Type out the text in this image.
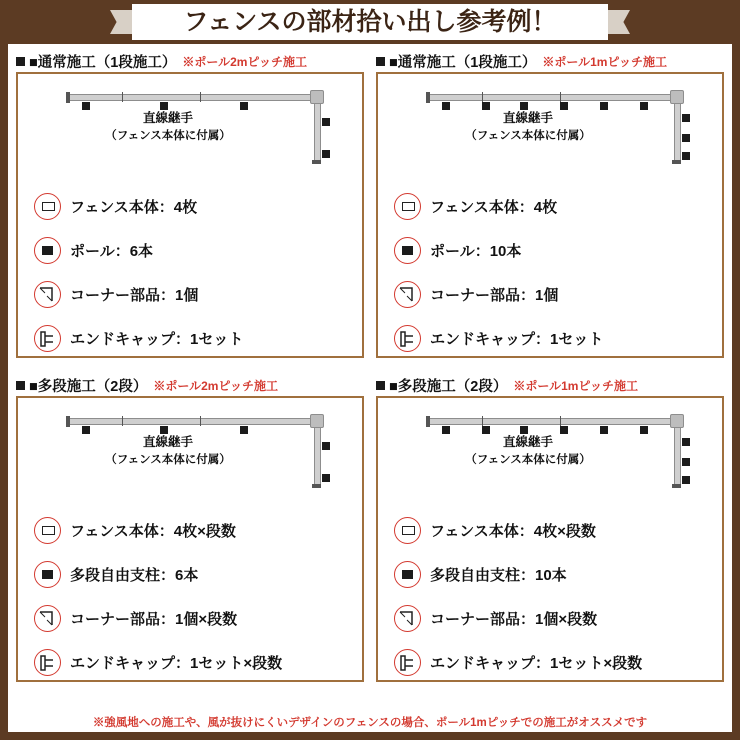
フェンスの部材拾い出し参考例！
■通常施工（1段施工） ※ポール2mピッチ施工
直線継手
（フェンス本体に付属）
フェンス本体：4枚
ポール：6本
コーナー部品：1個
エンドキャップ：1セット
■通常施工（1段施工） ※ポール1mピッチ施工
直線継手
（フェンス本体に付属）
フェンス本体：4枚
ポール：10本
コーナー部品：1個
エンドキャップ：1セット
■多段施工（2段） ※ポール2mピッチ施工
直線継手
（フェンス本体に付属）
フェンス本体：4枚×段数
多段自由支柱：6本
コーナー部品：1個×段数
エンドキャップ：1セット×段数
■多段施工（2段） ※ポール1mピッチ施工
直線継手
（フェンス本体に付属）
フェンス本体：4枚×段数
多段自由支柱：10本
コーナー部品：1個×段数
エンドキャップ：1セット×段数
※強風地への施工や、風が抜けにくいデザインのフェンスの場合、ポール1mピッチでの施工がオススメです
